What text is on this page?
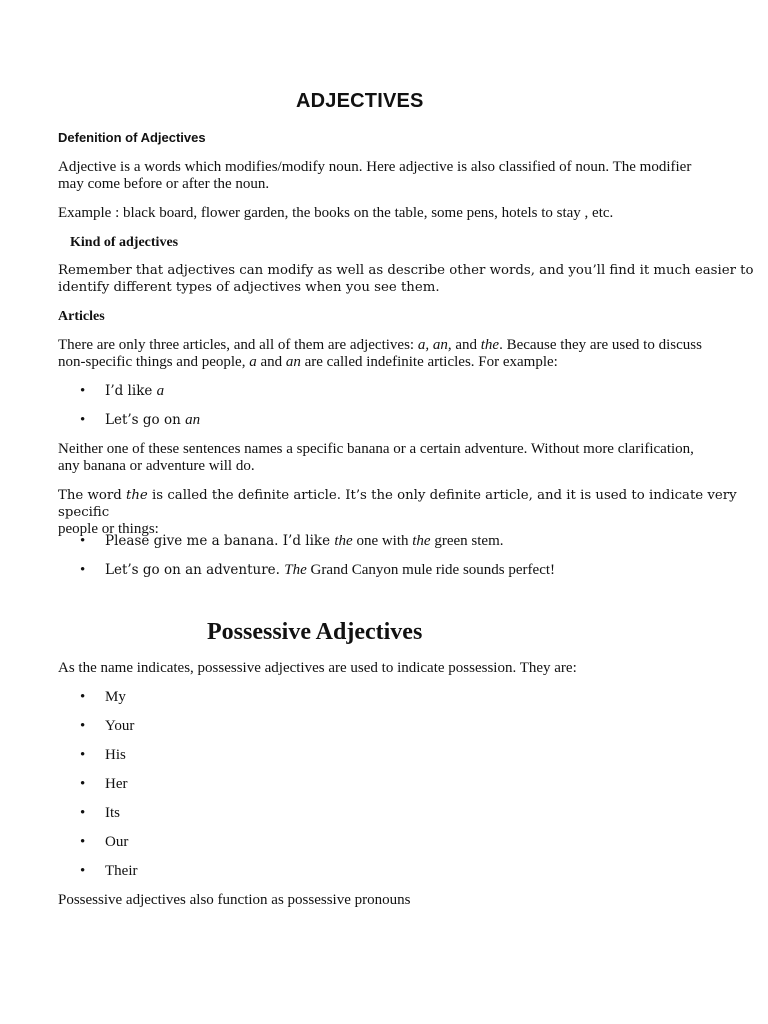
ADJECTIVES
Defenition of Adjectives
Adjective is a words which modifies/modify noun. Here adjective is also classified of noun. The modifier
may come before or after the noun.
Example : black board, flower garden, the books on the table, some pens, hotels to stay , etc.
Kind of adjectives
Remember that adjectives can modify as well as describe other words, and you’ll find it much easier to
identify different types of adjectives when you see them.
Articles
There are only three articles, and all of them are adjectives: a, an, and the. Because they are used to discuss
non-specific things and people, a and an are called indefinite articles. For example:
• I’d like a
• Let’s go on an
Neither one of these sentences names a specific banana or a certain adventure. Without more clarification,
any banana or adventure will do.
The word the is called the definite article. It’s the only definite article, and it is used to indicate very specific
people or things:
• Please give me a banana. I’d like the one with the green stem.
• Let’s go on an adventure. The Grand Canyon mule ride sounds perfect!
Possessive Adjectives
As the name indicates, possessive adjectives are used to indicate possession. They are:
• My
• Your
• His
• Her
• Its
• Our
• Their
Possessive adjectives also function as possessive pronouns
